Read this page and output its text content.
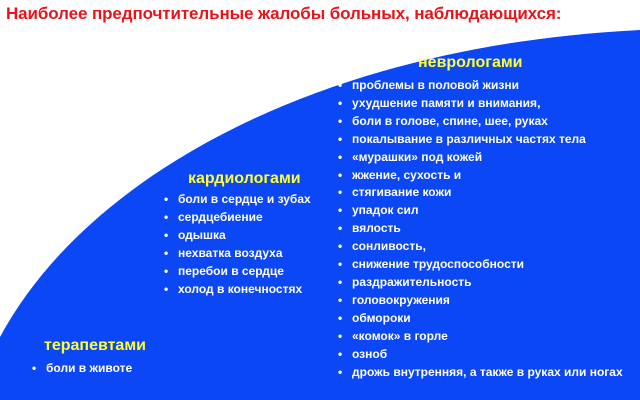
Наиболее предпочтительные жалобы больных, наблюдающихся:
терапевтами
• боли в животе
кардиологами
• боли в сердце и зубах
• сердцебиение
• одышка
• нехватка воздуха
• перебои в сердце
• холод в конечностях
неврологами
• проблемы в половой жизни
• ухудшение памяти и внимания,
• боли в голове, спине, шее, руках
• покалывание в различных частях тела
• «мурашки» под кожей
• жжение, сухость и
• стягивание кожи
• упадок сил
• вялость
• сонливость,
• снижение трудоспособности
• раздражительность
• головокружения
• обмороки
• «комок» в горле
• озноб
• дрожь внутренняя, а также в руках или ногах
